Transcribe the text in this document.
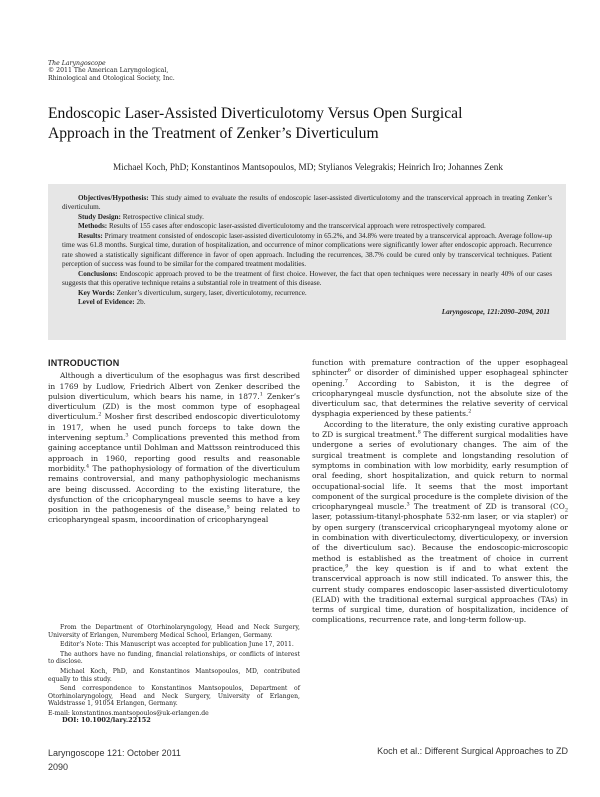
The Laryngoscope
© 2011 The American Laryngological,
Rhinological and Otological Society, Inc.
Endoscopic Laser-Assisted Diverticulotomy Versus Open Surgical
Approach in the Treatment of Zenker’s Diverticulum
Michael Koch, PhD; Konstantinos Mantsopoulos, MD; Stylianos Velegrakis; Heinrich Iro; Johannes Zenk

Objectives/Hypothesis: This study aimed to evaluate the results of endoscopic laser-assisted diverticulotomy and the transcervical approach in treating Zenker’s diverticulum.

Study Design: Retrospective clinical study.

Methods: Results of 155 cases after endoscopic laser-assisted diverticulotomy and the transcervical approach were retrospectively compared.

Results: Primary treatment consisted of endoscopic laser-assisted diverticulotomy in 65.2%, and 34.8% were treated by a transcervical approach. Average follow-up time was 61.8 months. Surgical time, duration of hospitalization, and occurrence of minor complications were significantly lower after endoscopic approach. Recurrence rate showed a statistically significant difference in favor of open approach. Including the recurrences, 38.7% could be cured only by transcervical techniques. Patient perception of success was found to be similar for the compared treatment modalities.

Conclusions: Endoscopic approach proved to be the treatment of first choice. However, the fact that open techniques were necessary in nearly 40% of our cases suggests that this operative technique retains a substantial role in treatment of this disease.

Key Words: Zenker’s diverticulum, surgery, laser, diverticulotomy, recurrence.

Level of Evidence: 2b.

Laryngoscope, 121:2090–2094, 2011
INTRODUCTION

Although a diverticulum of the esophagus was first described in 1769 by Ludlow, Friedrich Albert von Zenker described the pulsion diverticulum, which bears his name, in 1877.$^1$ Zenker’s diverticulum (ZD) is the most common type of esophageal diverticulum.$^2$ Mosher first described endoscopic diverticulotomy in 1917, when he used punch forceps to take down the intervening septum.$^3$ Complications prevented this method from gaining acceptance until Dohlman and Mattsson reintroduced this approach in 1960, reporting good results and reasonable morbidity.$^4$ The pathophysiology of formation of the diverticulum remains controversial, and many pathophysiologic mechanisms are being discussed. According to the existing literature, the dysfunction of the cricopharyngeal muscle seems to have a key position in the pathogenesis of the disease,$^5$ being related to cricopharyngeal spasm, incoordination of cricopharyngeal

function with premature contraction of the upper esophageal sphincter$^6$ or disorder of diminished upper esophageal sphincter opening.$^7$ According to Sabiston, it is the degree of cricopharyngeal muscle dysfunction, not the absolute size of the diverticulum sac, that determines the relative severity of cervical dysphagia experienced by these patients.$^2$

According to the literature, the only existing curative approach to ZD is surgical treatment.$^8$ The different surgical modalities have undergone a series of evolutionary changes. The aim of the surgical treatment is complete and longstanding resolution of symptoms in combination with low morbidity, early resumption of oral feeding, short hospitalization, and quick return to normal occupational-social life. It seems that the most important component of the surgical procedure is the complete division of the cricopharyngeal muscle.$^3$ The treatment of ZD is transoral ($CO_2$ laser, potassium-titanyl-phosphate 532-nm laser, or via stapler) or by open surgery (transcervical cricopharyngeal myotomy alone or in combination with diverticulectomy, diverticulopexy, or inversion of the diverticulum sac). Because the endoscopic-microscopic method is established as the treatment of choice in current practice,$^9$ the key question is if and to what extent the transcervical approach is now still indicated. To answer this, the current study compares endoscopic laser-assisted diverticulotomy (ELAD) with the traditional external surgical approaches (TAs) in terms of surgical time, duration of hospitalization, incidence of complications, recurrence rate, and long-term follow-up.

From the Department of Otorhinolaryngology, Head and Neck Surgery, University of Erlangen, Nuremberg Medical School, Erlangen, Germany.

Editor’s Note: This Manuscript was accepted for publication June 17, 2011.

The authors have no funding, financial relationships, or conflicts of interest to disclose.

Michael Koch, PhD, and Konstantinos Mantsopoulos, MD, contributed equally to this study.

Send correspondence to Konstantinos Mantsopoulos, Department of Otorhinolaryngology, Head and Neck Surgery, University of Erlangen, Waldstrasse 1, 91054 Erlangen, Germany.

E-mail: konstantinos.mantsopoulos@uk-erlangen.de

DOI: 10.1002/lary.22152
Laryngoscope 121: October 2011
2090
Koch et al.: Different Surgical Approaches to ZD
